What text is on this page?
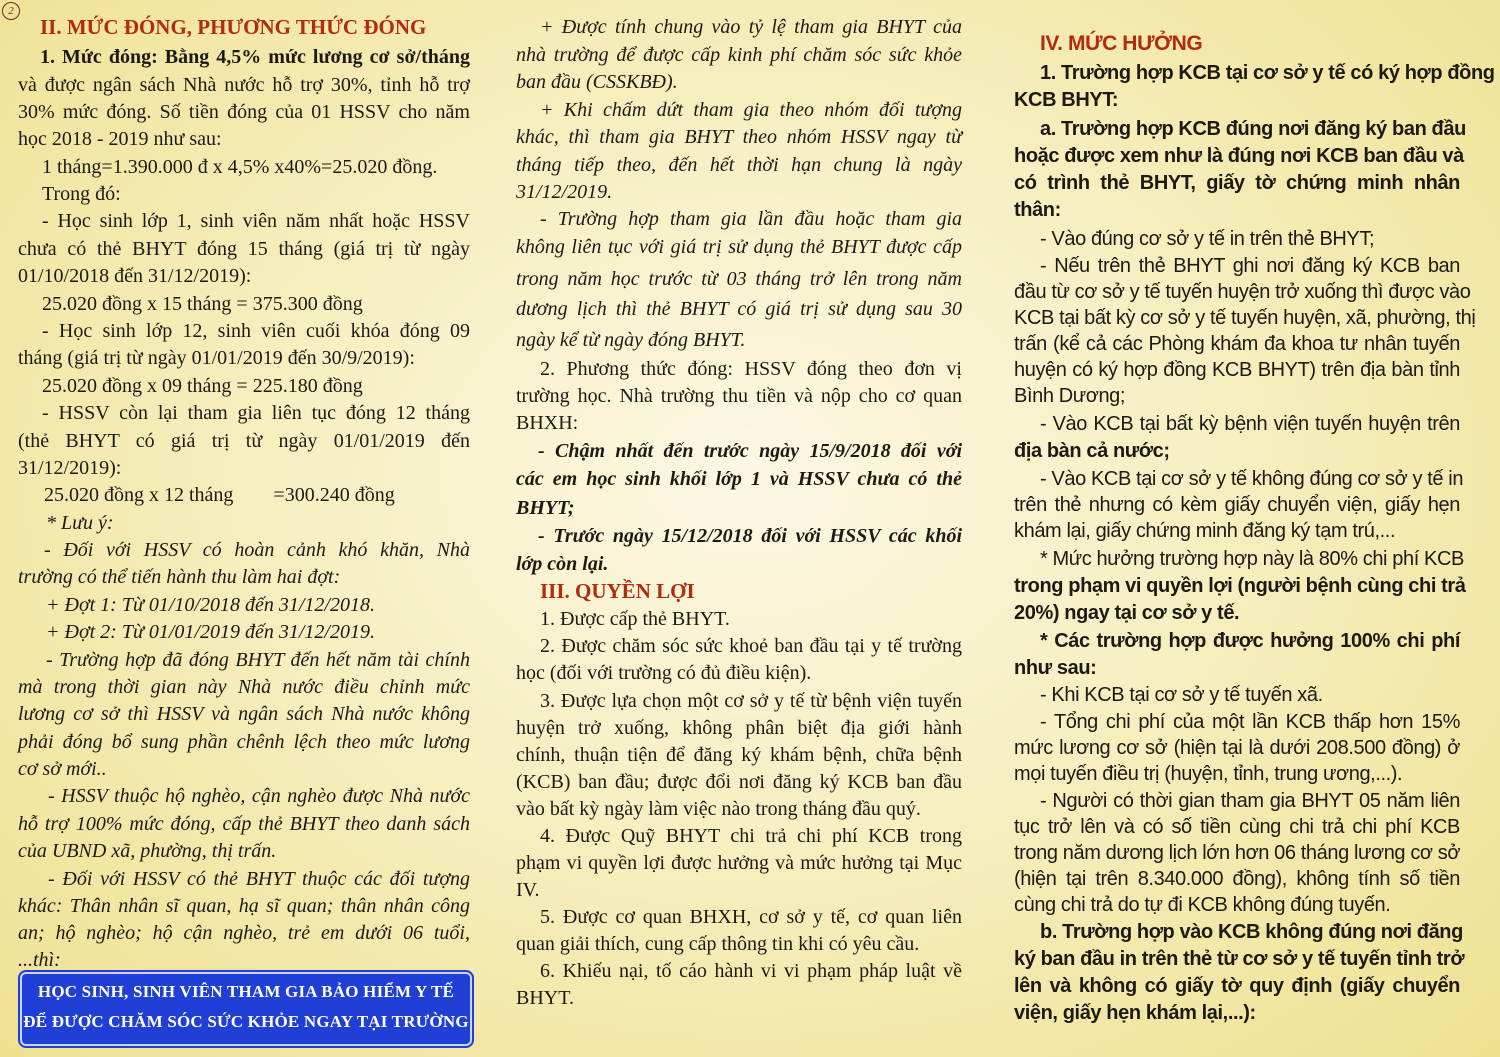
2
II. MỨC ĐÓNG, PHƯƠNG THỨC ĐÓNG
1. Mức đóng: Bằng 4,5% mức lương cơ sở/tháng
và được ngân sách Nhà nước hỗ trợ 30%, tỉnh hỗ trợ
30% mức đóng. Số tiền đóng của 01 HSSV cho năm
học 2018 - 2019 như sau:
1 tháng=1.390.000 đ x 4,5% x40%=25.020 đồng.
Trong đó:
- Học sinh lớp 1, sinh viên năm nhất hoặc HSSV
chưa có thẻ BHYT đóng 15 tháng (giá trị từ ngày
01/10/2018 đến 31/12/2019):
25.020 đồng x 15 tháng = 375.300 đồng
- Học sinh lớp 12, sinh viên cuối khóa đóng 09
tháng (giá trị từ ngày 01/01/2019 đến 30/9/2019):
25.020 đồng x 09 tháng = 225.180 đồng
- HSSV còn lại tham gia liên tục đóng 12 tháng
(thẻ BHYT có giá trị từ ngày 01/01/2019 đến
31/12/2019):
25.020 đồng x 12 tháng        =300.240 đồng
* Lưu ý:
- Đối với HSSV có hoàn cảnh khó khăn, Nhà
trường có thể tiến hành thu làm hai đợt:
+ Đợt 1: Từ 01/10/2018 đến 31/12/2018.
+ Đợt 2: Từ 01/01/2019 đến 31/12/2019.
- Trường hợp đã đóng BHYT đến hết năm tài chính
mà trong thời gian này Nhà nước điều chỉnh mức
lương cơ sở thì HSSV và ngân sách Nhà nước không
phải đóng bổ sung phần chênh lệch theo mức lương
cơ sở mới..
- HSSV thuộc hộ nghèo, cận nghèo được Nhà nước
hỗ trợ 100% mức đóng, cấp thẻ BHYT theo danh sách
của UBND xã, phường, thị trấn.
- Đối với HSSV có thẻ BHYT thuộc các đối tượng
khác: Thân nhân sĩ quan, hạ sĩ quan; thân nhân công
an; hộ nghèo; hộ cận nghèo, trẻ em dưới 06 tuổi,
...thì:
HỌC SINH, SINH VIÊN THAM GIA BẢO HIỂM Y TẾ
ĐỂ ĐƯỢC CHĂM SÓC SỨC KHỎE NGAY TẠI TRƯỜNG
+ Được tính chung vào tỷ lệ tham gia BHYT của
nhà trường để được cấp kinh phí chăm sóc sức khỏe
ban đầu (CSSKBĐ).
+ Khi chấm dứt tham gia theo nhóm đối tượng
khác, thì tham gia BHYT theo nhóm HSSV ngay từ
tháng tiếp theo, đến hết thời hạn chung là ngày
31/12/2019.
- Trường hợp tham gia lần đầu hoặc tham gia
không liên tục với giá trị sử dụng thẻ BHYT được cấp
trong năm học trước từ 03 tháng trở lên trong năm
dương lịch thì thẻ BHYT có giá trị sử dụng sau 30
ngày kể từ ngày đóng BHYT.
2. Phương thức đóng: HSSV đóng theo đơn vị
trường học. Nhà trường thu tiền và nộp cho cơ quan
BHXH:
- Chậm nhất đến trước ngày 15/9/2018 đối với
các em học sinh khối lớp 1 và HSSV chưa có thẻ
BHYT;
- Trước ngày 15/12/2018 đối với HSSV các khối
lớp còn lại.
III. QUYỀN LỢI
1. Được cấp thẻ BHYT.
2. Được chăm sóc sức khoẻ ban đầu tại y tế trường
học (đối với trường có đủ điều kiện).
3. Được lựa chọn một cơ sở y tế từ bệnh viện tuyến
huyện trở xuống, không phân biệt địa giới hành
chính, thuận tiện để đăng ký khám bệnh, chữa bệnh
(KCB) ban đầu; được đổi nơi đăng ký KCB ban đầu
vào bất kỳ ngày làm việc nào trong tháng đầu quý.
4. Được Quỹ BHYT chi trả chi phí KCB trong
phạm vi quyền lợi được hưởng và mức hưởng tại Mục
IV.
5. Được cơ quan BHXH, cơ sở y tế, cơ quan liên
quan giải thích, cung cấp thông tin khi có yêu cầu.
6. Khiếu nại, tố cáo hành vi vi phạm pháp luật về
BHYT.
IV. MỨC HƯỞNG
1. Trường hợp KCB tại cơ sở y tế có ký hợp đồng
KCB BHYT:
a. Trường hợp KCB đúng nơi đăng ký ban đầu
hoặc được xem như là đúng nơi KCB ban đầu và
có trình thẻ BHYT, giấy tờ chứng minh nhân
thân:
- Vào đúng cơ sở y tế in trên thẻ BHYT;
- Nếu trên thẻ BHYT ghi nơi đăng ký KCB ban
đầu từ cơ sở y tế tuyến huyện trở xuống thì được vào
KCB tại bất kỳ cơ sở y tế tuyến huyện, xã, phường, thị
trấn (kể cả các Phòng khám đa khoa tư nhân tuyến
huyện có ký hợp đồng KCB BHYT) trên địa bàn tỉnh
Bình Dương;
- Vào KCB tại bất kỳ bệnh viện tuyến huyện trên
địa bàn cả nước;
- Vào KCB tại cơ sở y tế không đúng cơ sở y tế in
trên thẻ nhưng có kèm giấy chuyển viện, giấy hẹn
khám lại, giấy chứng minh đăng ký tạm trú,...
* Mức hưởng trường hợp này là 80% chi phí KCB
trong phạm vi quyền lợi (người bệnh cùng chi trả
20%) ngay tại cơ sở y tế.
* Các trường hợp được hưởng 100% chi phí
như sau:
- Khi KCB tại cơ sở y tế tuyến xã.
- Tổng chi phí của một lần KCB thấp hơn 15%
mức lương cơ sở (hiện tại là dưới 208.500 đồng) ở
mọi tuyến điều trị (huyện, tỉnh, trung ương,...).
- Người có thời gian tham gia BHYT 05 năm liên
tục trở lên và có số tiền cùng chi trả chi phí KCB
trong năm dương lịch lớn hơn 06 tháng lương cơ sở
(hiện tại trên 8.340.000 đồng), không tính số tiền
cùng chi trả do tự đi KCB không đúng tuyến.
b. Trường hợp vào KCB không đúng nơi đăng
ký ban đầu in trên thẻ từ cơ sở y tế tuyến tỉnh trở
lên và không có giấy tờ quy định (giấy chuyển
viện, giấy hẹn khám lại,...):
